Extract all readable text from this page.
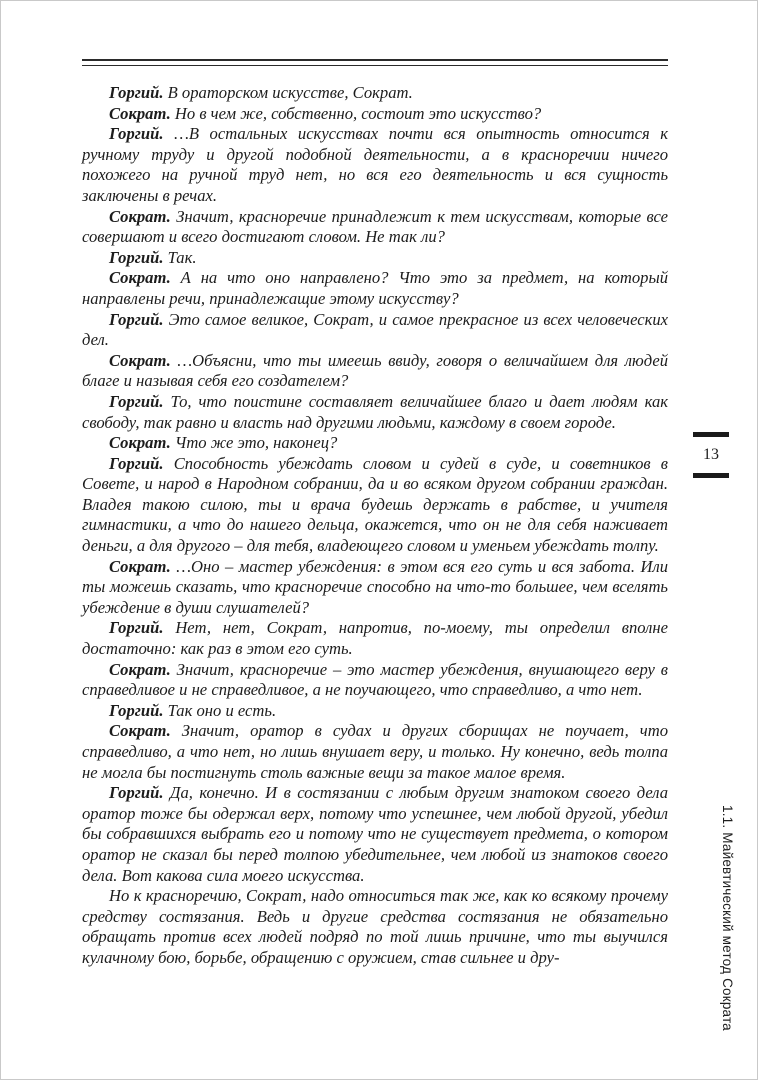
Горгий. В ораторском искусстве, Сократ.

Сократ. Но в чем же, собственно, состоит это искусство?

Горгий. …В остальных искусствах почти вся опытность относится к ручному труду и другой подобной деятельности, а в красноречии ничего похожего на ручной труд нет, но вся его деятельность и вся сущность заключены в речах.

Сократ. Значит, красноречие принадлежит к тем искусствам, которые все совершают и всего достигают словом. Не так ли?

Горгий. Так.

Сократ. А на что оно направлено? Что это за предмет, на который направлены речи, принадлежащие этому искусству?

Горгий. Это самое великое, Сократ, и самое прекрасное из всех человеческих дел.

Сократ. …Объясни, что ты имеешь ввиду, говоря о величайшем для людей благе и называя себя его создателем?

Горгий. То, что поистине составляет величайшее благо и дает людям как свободу, так равно и власть над другими людьми, каждому в своем городе.

Сократ. Что же это, наконец?

Горгий. Способность убеждать словом и судей в суде, и советников в Совете, и народ в Народном собрании, да и во всяком другом собрании граждан. Владея такою силою, ты и врача будешь держать в рабстве, и учителя гимнастики, а что до нашего дельца, окажется, что он не для себя наживает деньги, а для другого – для тебя, владеющего словом и уменьем убеждать толпу.

Сократ. …Оно – мастер убеждения: в этом вся его суть и вся забота. Или ты можешь сказать, что красноречие способно на что-то большее, чем вселять убеждение в души слушателей?

Горгий. Нет, нет, Сократ, напротив, по-моему, ты определил вполне достаточно: как раз в этом его суть.

Сократ. Значит, красноречие – это мастер убеждения, внушающего веру в справедливое и не справедливое, а не поучающего, что справедливо, а что нет.

Горгий. Так оно и есть.

Сократ. Значит, оратор в судах и других сборищах не поучает, что справедливо, а что нет, но лишь внушает веру, и только. Ну конечно, ведь толпа не могла бы постигнуть столь важные вещи за такое малое время.

Горгий. Да, конечно. И в состязании с любым другим знатоком своего дела оратор тоже бы одержал верх, потому что успешнее, чем любой другой, убедил бы собравшихся выбрать его и потому что не существует предмета, о котором оратор не сказал бы перед толпою убедительнее, чем любой из знатоков своего дела. Вот какова сила моего искусства.

Но к красноречию, Сократ, надо относиться так же, как ко всякому прочему средству состязания. Ведь и другие средства состязания не обязательно обращать против всех людей подряд по той лишь причине, что ты выучился кулачному бою, борьбе, обращению с оружием, став сильнее и дру-

13
1.1. Майевтический метод Сократа
